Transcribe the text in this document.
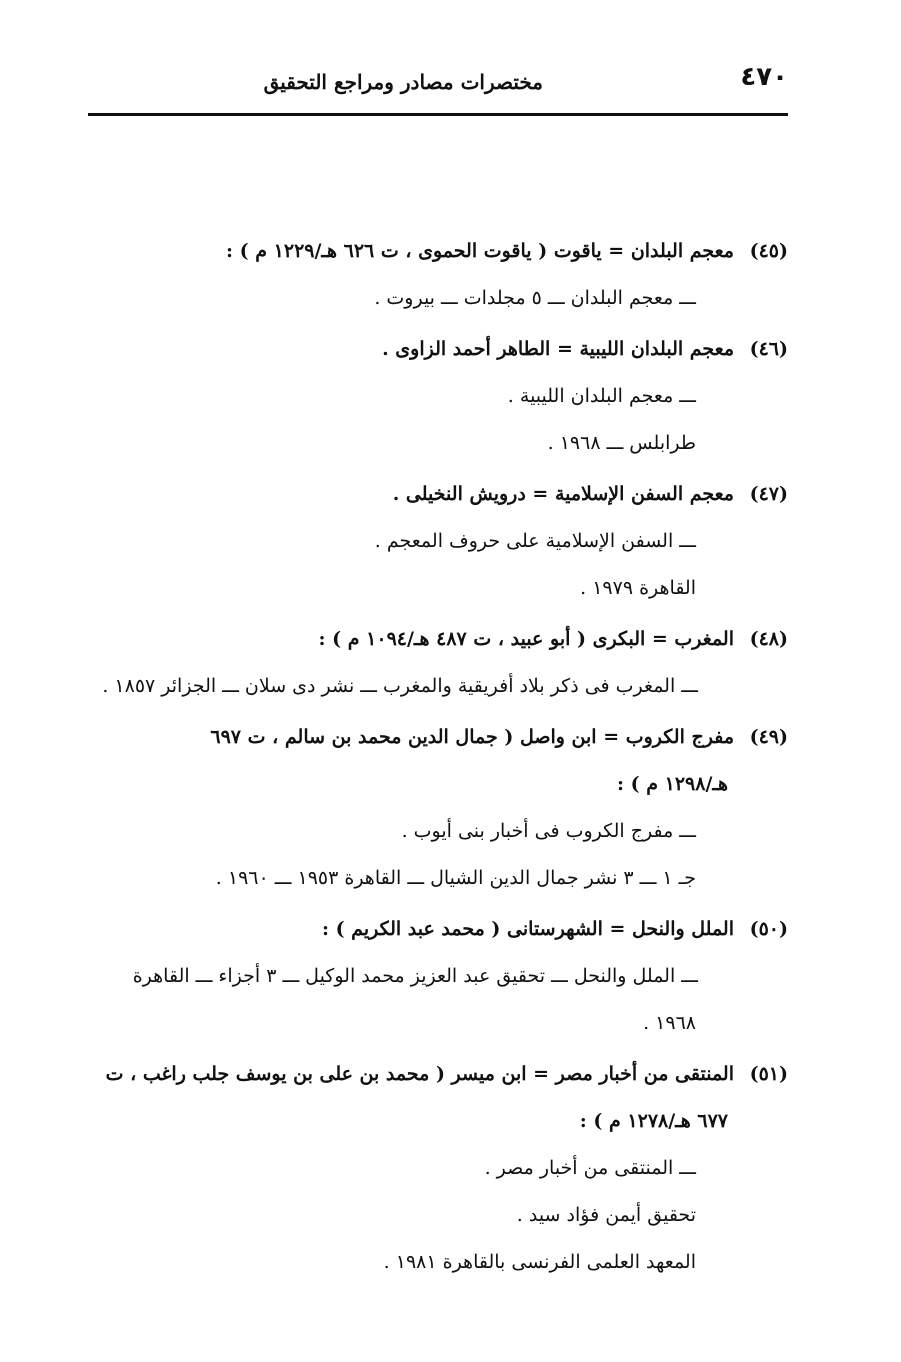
٤٧٠
مختصرات مصادر ومراجع التحقيق
(٤٥)معجم البلدان = ياقوت ( ياقوت الحموى ، ت ٦٢٦ هـ/١٢٢٩ م ) :
ـــ معجم البلدان ـــ ٥ مجلدات ـــ بيروت .
(٤٦)معجم البلدان الليبية = الطاهر أحمد الزاوى .
ـــ معجم البلدان الليبية .
طرابلس ـــ ١٩٦٨ .
(٤٧)معجم السفن الإسلامية = درويش النخيلى .
ـــ السفن الإسلامية على حروف المعجم .
القاهرة ١٩٧٩ .
(٤٨)المغرب = البكرى ( أبو عبيد ، ت ٤٨٧ هـ/١٠٩٤ م ) :
ـــ المغرب فى ذكر بلاد أفريقية والمغرب ـــ نشر دى سلان ـــ الجزائر ١٨٥٧ .
(٤٩)مفرج الكروب = ابن واصل ( جمال الدين محمد بن سالم ، ت ٦٩٧
هـ/١٢٩٨ م ) :
ـــ مفرج الكروب فى أخبار بنى أيوب .
جـ ١ ـــ ٣ نشر جمال الدين الشيال ـــ القاهرة ١٩٥٣ ـــ ١٩٦٠ .
(٥٠)الملل والنحل = الشهرستانى ( محمد عبد الكريم ) :
ـــ الملل والنحل ـــ تحقيق عبد العزيز محمد الوكيل ـــ ٣ أجزاء ـــ القاهرة
١٩٦٨ .
(٥١)المنتقى من أخبار مصر = ابن ميسر ( محمد بن على بن يوسف جلب راغب ، ت
٦٧٧ هـ/١٢٧٨ م ) :
ـــ المنتقى من أخبار مصر .
تحقيق أيمن فؤاد سيد .
المعهد العلمى الفرنسى بالقاهرة ١٩٨١ .
